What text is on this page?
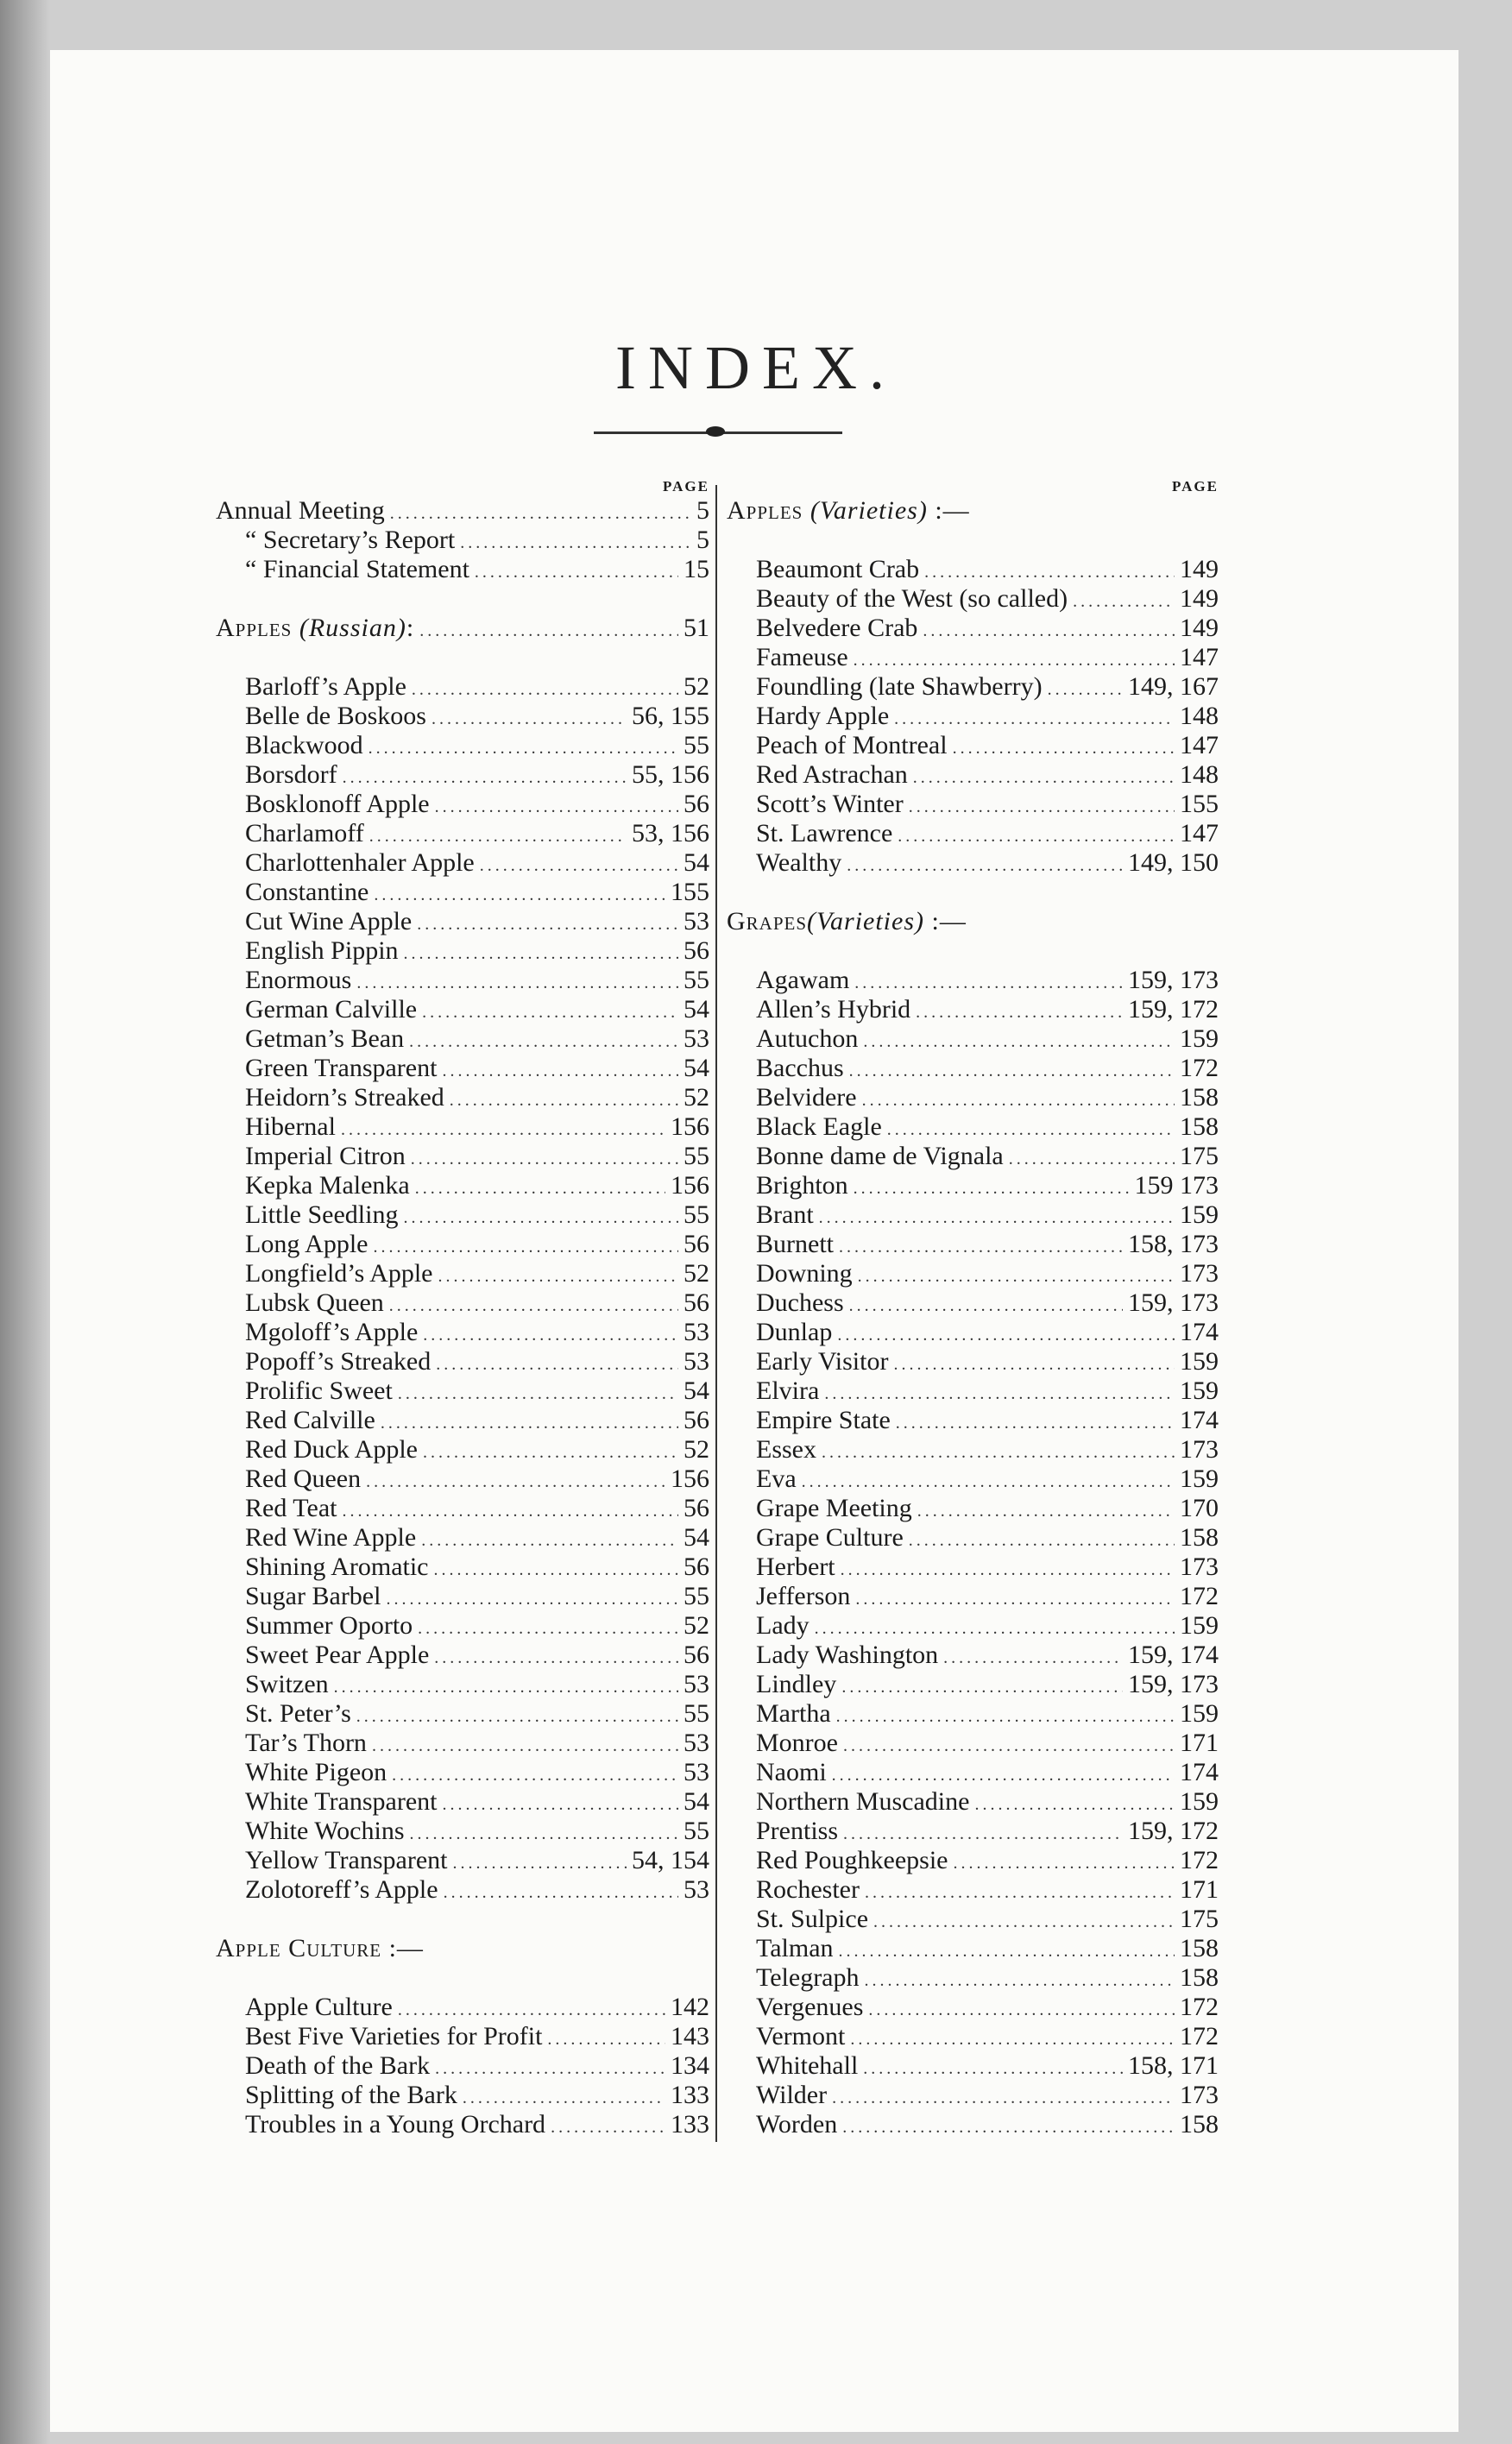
INDEX.
PAGE
Annual Meeting .....	5
“ Secretary’s Report .....	5
“ Financial Statement .....	15
Apples (Russian): .....	51
Barloff’s Apple .....	52
Belle de Boskoos .....	56, 155
Blackwood .....	55
Borsdorf .....	55, 156
Bosklonoff Apple .....	56
Charlamoff .....	53, 156
Charlottenhaler Apple .....	54
Constantine .....	155
Cut Wine Apple .....	53
English Pippin .....	56
Enormous .....	55
German Calville .....	54
Getman’s Bean .....	53
Green Transparent .....	54
Heidorn’s Streaked .....	52
Hibernal .....	156
Imperial Citron .....	55
Kepka Malenka .....	156
Little Seedling .....	55
Long Apple .....	56
Longfield’s Apple .....	52
Lubsk Queen .....	56
Mgoloff’s Apple .....	53
Popoff’s Streaked .....	53
Prolific Sweet .....	54
Red Calville .....	56
Red Duck Apple .....	52
Red Queen .....	156
Red Teat .....	56
Red Wine Apple .....	54
Shining Aromatic .....	56
Sugar Barbel .....	55
Summer Oporto .....	52
Sweet Pear Apple .....	56
Switzen .....	53
St. Peter’s .....	55
Tar’s Thorn .....	53
White Pigeon .....	53
White Transparent .....	54
White Wochins .....	55
Yellow Transparent .....	54, 154
Zolotoreff’s Apple .....	53
Apple Culture :—
Apple Culture .....	142
Best Five Varieties for Profit .....	143
Death of the Bark .....	134
Splitting of the Bark .....	133
Troubles in a Young Orchard .....	133
PAGE
Apples (Varieties) :—
Beaumont Crab .....	149
Beauty of the West (so called) .....	149
Belvedere Crab .....	149
Fameuse .....	147
Foundling (late Shawberry) .....	149, 167
Hardy Apple .....	148
Peach of Montreal .....	147
Red Astrachan .....	148
Scott’s Winter .....	155
St. Lawrence .....	147
Wealthy .....	149, 150
Grapes(Varieties) :—
Agawam .....	159, 173
Allen’s Hybrid .....	159, 172
Autuchon .....	159
Bacchus .....	172
Belvidere .....	158
Black Eagle .....	158
Bonne dame de Vignala .....	175
Brighton .....	159 173
Brant .....	159
Burnett .....	158, 173
Downing .....	173
Duchess .....	159, 173
Dunlap .....	174
Early Visitor .....	159
Elvira .....	159
Empire State .....	174
Essex .....	173
Eva .....	159
Grape Meeting .....	170
Grape Culture .....	158
Herbert .....	173
Jefferson .....	172
Lady .....	159
Lady Washington .....	159, 174
Lindley .....	159, 173
Martha .....	159
Monroe .....	171
Naomi .....	174
Northern Muscadine .....	159
Prentiss .....	159, 172
Red Poughkeepsie .....	172
Rochester .....	171
St. Sulpice .....	175
Talman .....	158
Telegraph .....	158
Vergenues .....	172
Vermont .....	172
Whitehall .....	158, 171
Wilder .....	173
Worden .....	158
